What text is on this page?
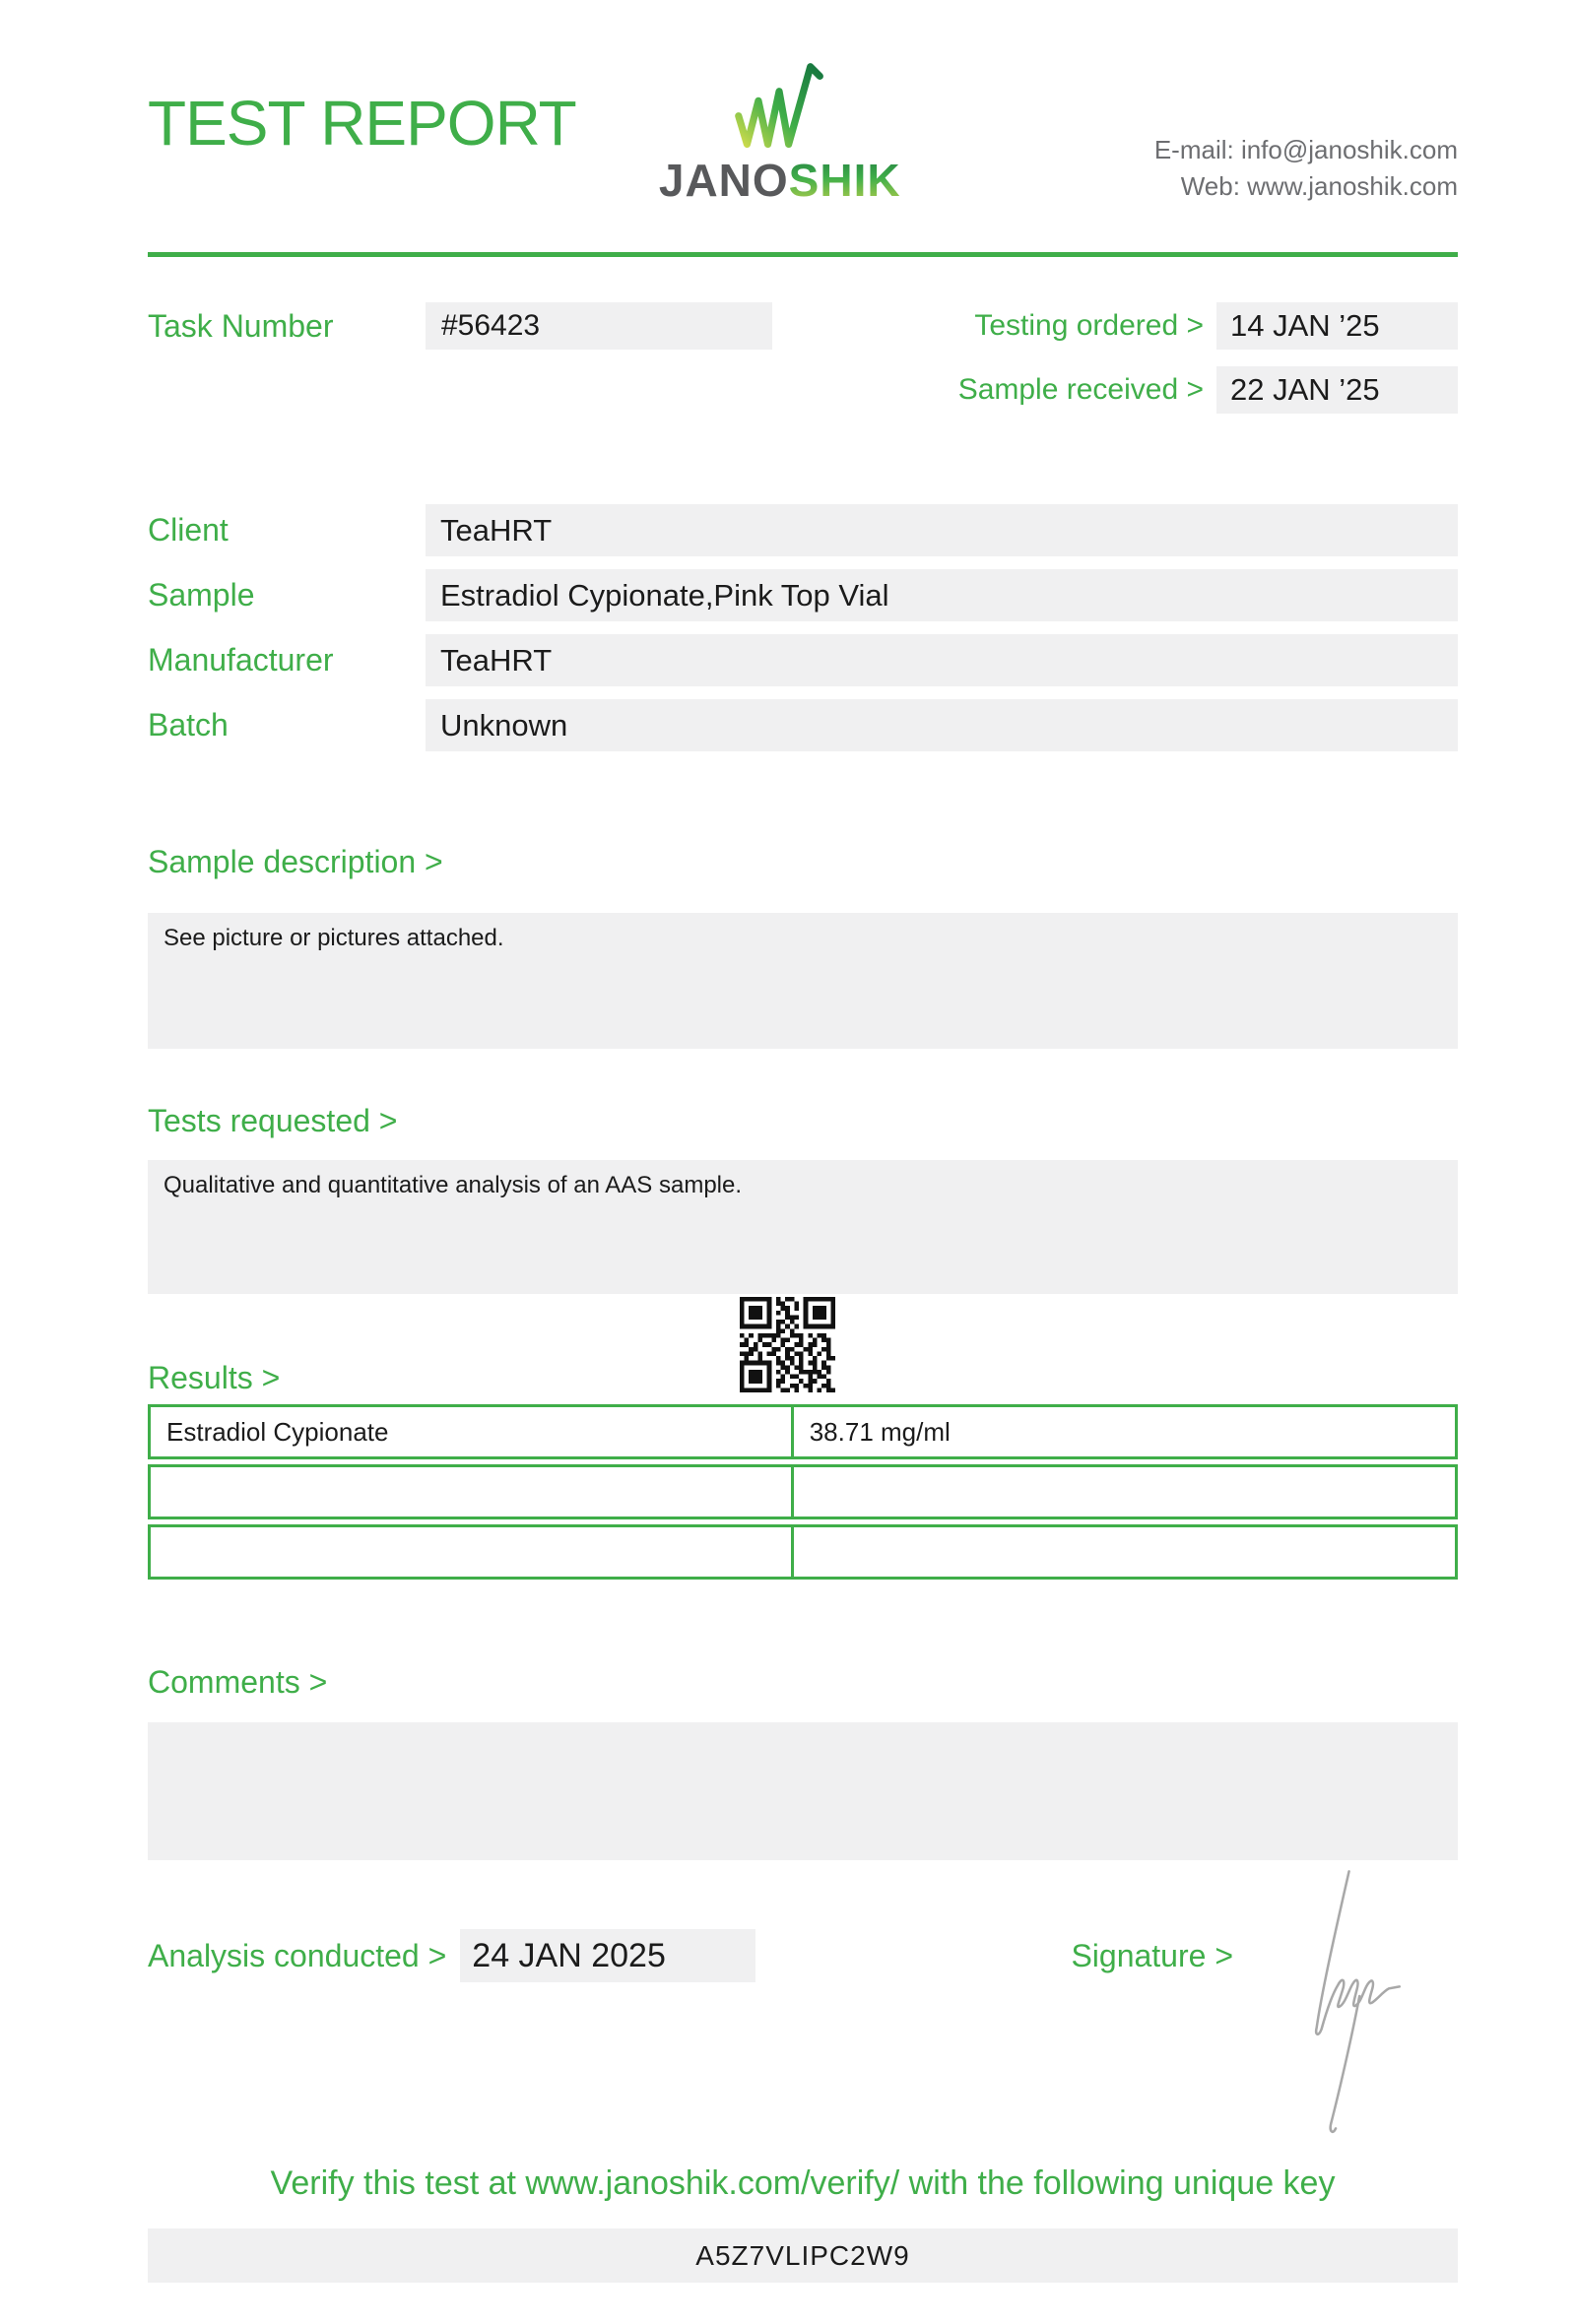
TEST REPORT
JANOSHIK
E-mail: info@janoshik.com
Web: www.janoshik.com
Task Number	#56423	Testing ordered > 14 JAN ’25
Sample received > 22 JAN ’25
Client	TeaHRT
Sample	Estradiol Cypionate,Pink Top Vial
Manufacturer	TeaHRT
Batch	Unknown
Sample description >
See picture or pictures attached.
Tests requested >
Qualitative and quantitative analysis of an AAS sample.
Results >
Estradiol Cypionate	38.71 mg/ml
Comments >
Analysis conducted > 24 JAN 2025	Signature >
Verify this test at www.janoshik.com/verify/ with the following unique key
A5Z7VLIPC2W9
